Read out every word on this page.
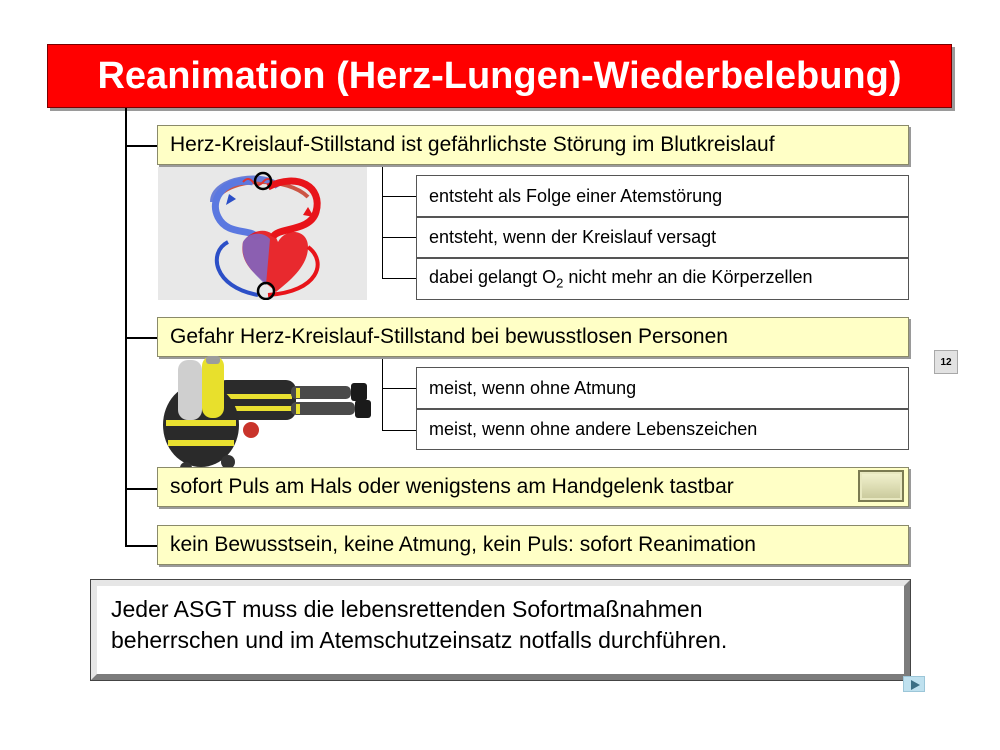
Reanimation (Herz-Lungen-Wiederbelebung)
Herz-Kreislauf-Stillstand ist gefährlichste Störung im Blutkreislauf
entsteht als Folge einer Atemstörung
entsteht, wenn der Kreislauf versagt
dabei gelangt $O_2$ nicht mehr an die Körperzellen
Gefahr Herz-Kreislauf-Stillstand bei bewusstlosen Personen
meist, wenn ohne Atmung
meist, wenn ohne andere Lebenszeichen
sofort Puls am Hals oder wenigstens am Handgelenk tastbar
kein Bewusstsein, keine Atmung, kein Puls: sofort Reanimation
Jeder ASGT muss die lebensrettenden Sofortmaßnahmen
beherrschen und im Atemschutzeinsatz notfalls durchführen.
12
